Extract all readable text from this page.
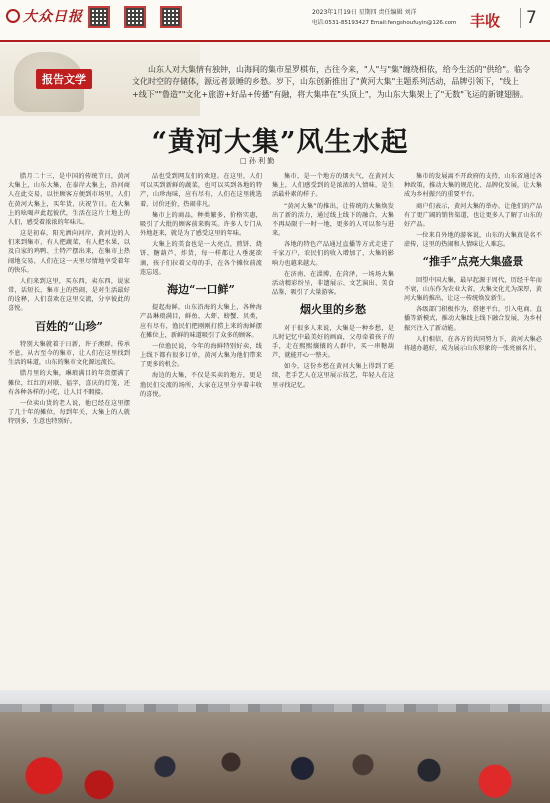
大众日报	2023年1月19日 星期四 责任编辑 刘洋
电话:0531-85193427 Email:fengshoufuyin@126.com 丰收	7
报告文学
山东人对大集情有独钟，山海间的集市星罗棋布，古往今来，"人"与"集"缠绕相依，给今生活的"供给"。临令文化时空的存储体，源远者景睡的乡愁。岁下，山东创新推出了"黄河大集"主题系列活动，品牌引领下，"线上+线下""鲁造""文化+旅游+好品+传播"有融，将大集串在"头顶上"，为山东大集架上了"无数"飞运的新键翅膀。
“黄河大集”风生水起
□ 孙 利 勤

腊月二十三，是中国的传统节日，黄河大集上，山东大集，在泰岸大集上，沿河商人在此交易，以往顾客方便到市场里，人们在黄河大集上，买年货、庆祝节日。在大集上的吆喝声此起彼伏，生活在这片土地上的人们，感受着浓浓的年味儿。

这是初春，阳光洒向河岸，黄河边的人们来到集市，有人把蔬菜，有人把水果，以及自家的鸡鸭、土特产摆出来，在集市上热闹地交易，人们在这一天里尽情地享受着年的快乐。

人们来到这里，买东西，卖东西，说家常，话短长，集市上的热闹，是对生活最好的诠释，人们喜欢在这里交流，分享彼此的喜悦。

百姓的“山珍”

特别大集就着于日新，许子澳群，传承不息，从古至今的集市，让人们在这里找到生活的味道，山东的集市文化源远流长。

腊月里的大集，琳琅满目的年货摆满了摊位，红红的对联、福字，喜庆的灯笼，还有各种各样的小吃，让人目不暇接。

一位卖山货的老人说，他已经在这里摆了几十年的摊位，每到年关，大集上的人就特别多，生意也特别好。

品也受到网友们的欢迎。在这里，人们可以买到新鲜的蔬菜，也可以买到各地的特产，山珍海味，应有尽有，人们在这里挑选着，讨价还价，热闹非凡。

集市上的商品，种类繁多，价格实惠，吸引了大批的顾客前来购买。许多人专门从外地赶来，就是为了感受这里的年味。

大集上的美食也是一大亮点，煎饼、烧饼、糖葫芦、炸货，每一样都让人垂涎欲滴，孩子们拉着父母的手，在各个摊位前流连忘返。

海边“一口鲜”

提起海鲜，山东沿海的大集上，各种海产品琳琅满目，鲜鱼、大虾、螃蟹、贝类，应有尽有，渔民们把刚刚打捞上来的海鲜摆在摊位上，新鲜的味道吸引了众多的顾客。

一位渔民说，今年的海鲜特别好卖，线上线下都有很多订单，黄河大集为他们带来了更多的机会。

海边的大集，不仅是买卖的地方，更是渔民们交流的场所，大家在这里分享着丰收的喜悦。

集市，是一个地方的烟火气，在黄河大集上，人们感受到的是浓浓的人情味，是生活最朴素的样子。

“黄河大集”的推出，让传统的大集焕发出了新的活力，通过线上线下的融合，大集不再局限于一时一地，更多的人可以参与进来。

各地的特色产品通过直播等方式走进了千家万户，农民们的收入增加了，大集的影响力也越来越大。

在济南、在淄博、在菏泽，一场场大集活动精彩纷呈，非遗展示、文艺演出、美食品鉴，吸引了大量游客。

烟火里的乡愁

对于很多人来说，大集是一种乡愁，是儿时记忆中最美好的画面，父母牵着孩子的手，走在熙熙攘攘的人群中，买一串糖葫芦，就能开心一整天。

如今，这份乡愁在黄河大集上得到了延续，老手艺人在这里展示技艺，年轻人在这里寻找记忆。

集市的发展离不开政府的支持，山东省通过各种政策，推动大集的规范化、品牌化发展，让大集成为乡村振兴的重要平台。

商户们表示，黄河大集的举办，让他们的产品有了更广阔的销售渠道，也让更多人了解了山东的好产品。

一位来自外地的游客说，山东的大集真是名不虚传，这里的热闹和人情味让人难忘。

“推手”点亮大集盛景

回望中国大集，最早起源于周代，历经千年而不衰，山东作为农业大省，大集文化尤为深厚，黄河大集的推出，让这一传统焕发新生。

各级部门积极作为，搭建平台，引入电商、直播等新模式，推动大集线上线下融合发展，为乡村振兴注入了新动能。

人们相信，在各方的共同努力下，黄河大集必将越办越好，成为展示山东形象的一张亮丽名片。
